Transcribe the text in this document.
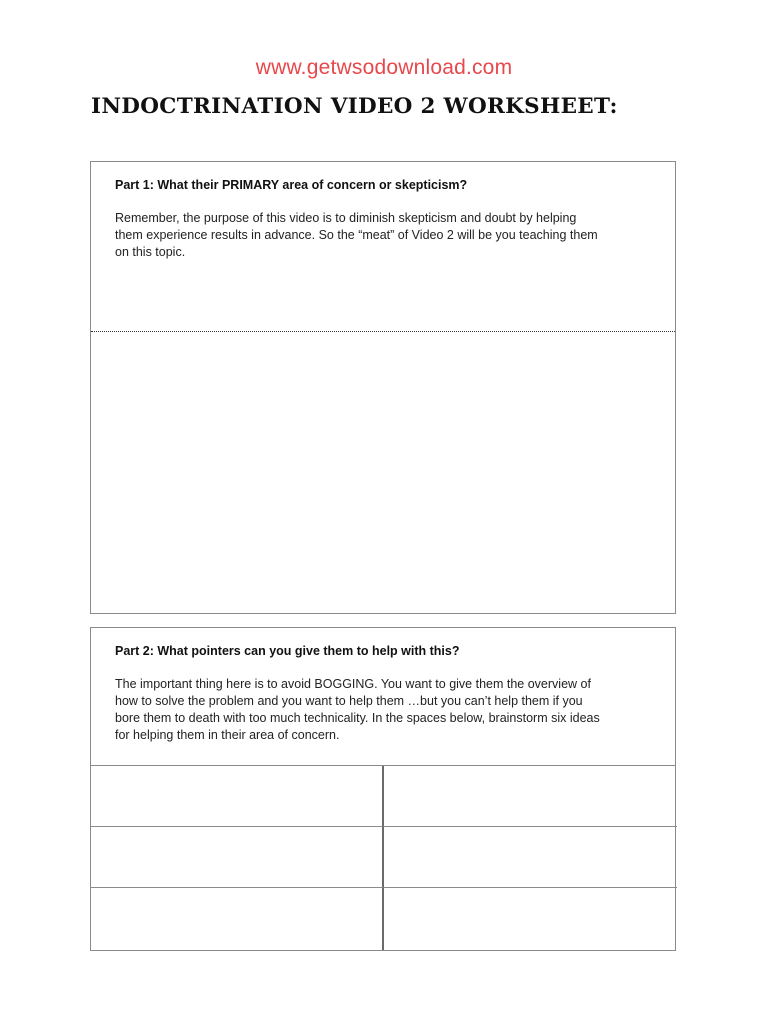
www.getwsodownload.com
INDOCTRINATION VIDEO 2 WORKSHEET:

Part 1: What their PRIMARY area of concern or skepticism?

Remember, the purpose of this video is to diminish skepticism and doubt by helping
them experience results in advance. So the “meat” of Video 2 will be you teaching them
on this topic.

Part 2: What pointers can you give them to help with this?

The important thing here is to avoid BOGGING. You want to give them the overview of
how to solve the problem and you want to help them …but you can’t help them if you
bore them to death with too much technicality. In the spaces below, brainstorm six ideas
for helping them in their area of concern.
